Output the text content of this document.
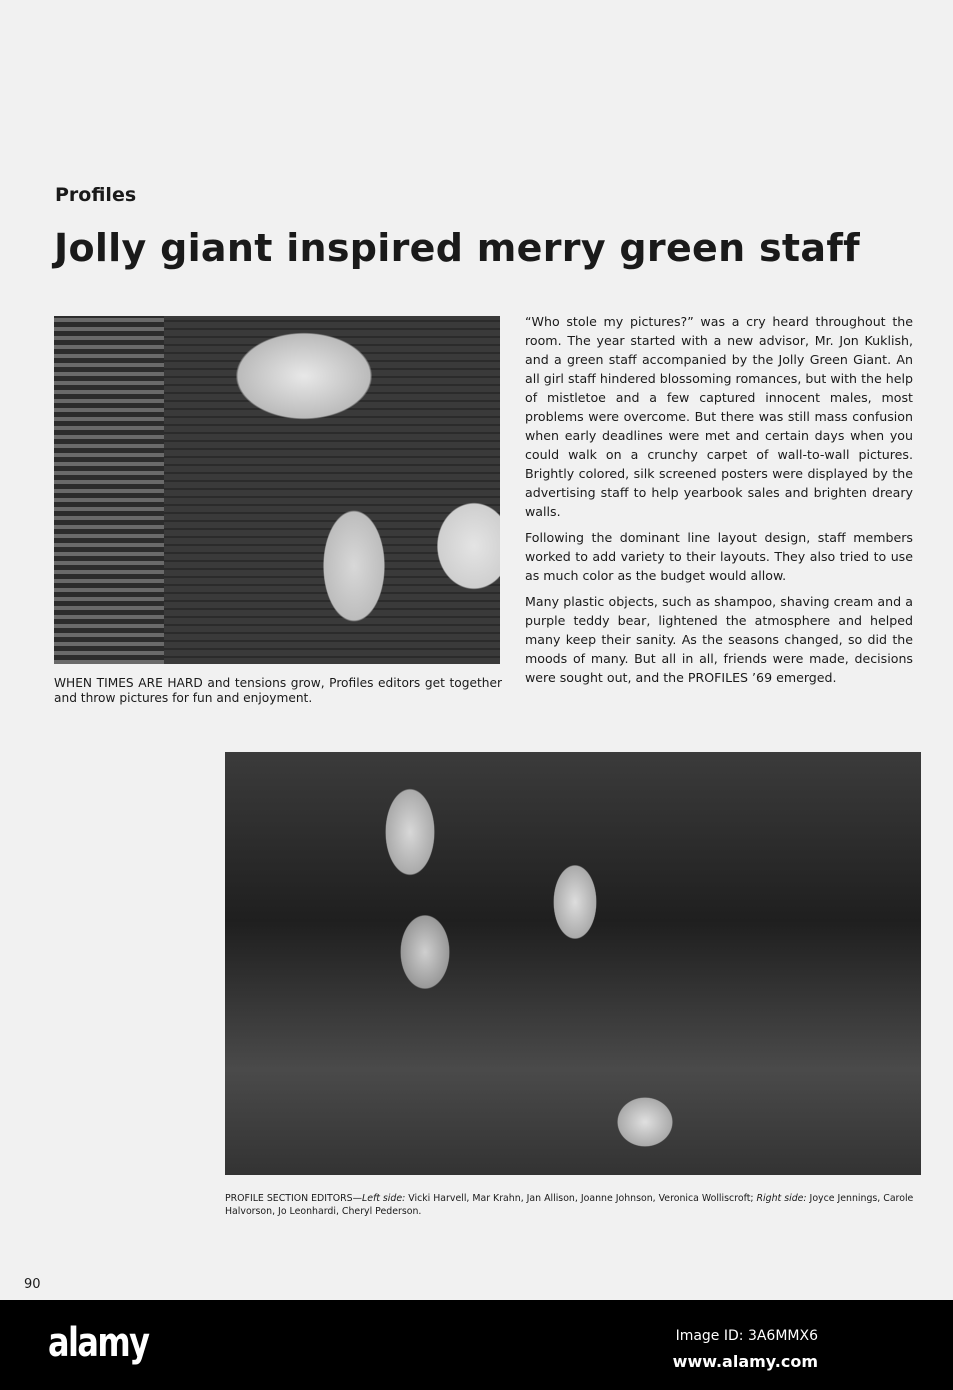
Profiles
Jolly giant inspired merry green staff
WHEN TIMES ARE HARD and tensions grow, Profiles editors get together and throw pictures for fun and enjoyment.

“Who stole my pictures?” was a cry heard throughout the room. The year started with a new advisor, Mr. Jon Kuklish, and a green staff accompanied by the Jolly Green Giant. An all girl staff hindered blossoming romances, but with the help of mistletoe and a few captured innocent males, most problems were overcome. But there was still mass confusion when early deadlines were met and certain days when you could walk on a crunchy carpet of wall-to-wall pictures. Brightly colored, silk screened posters were displayed by the advertising staff to help yearbook sales and brighten dreary walls.

Following the dominant line layout design, staff members worked to add variety to their layouts. They also tried to use as much color as the budget would allow.

Many plastic objects, such as shampoo, shaving cream and a purple teddy bear, lightened the atmosphere and helped many keep their sanity. As the seasons changed, so did the moods of many. But all in all, friends were made, decisions were sought out, and the PROFILES ’69 emerged.

PROFILE SECTION EDITORS—Left side: Vicki Harvell, Mar Krahn, Jan Allison, Joanne Johnson, Veronica Wolliscroft; Right side: Joyce Jennings, Carole Halvorson, Jo Leonhardi, Cheryl Pederson.
90
alamy	Image ID: 3A6MMX6
www.alamy.com
